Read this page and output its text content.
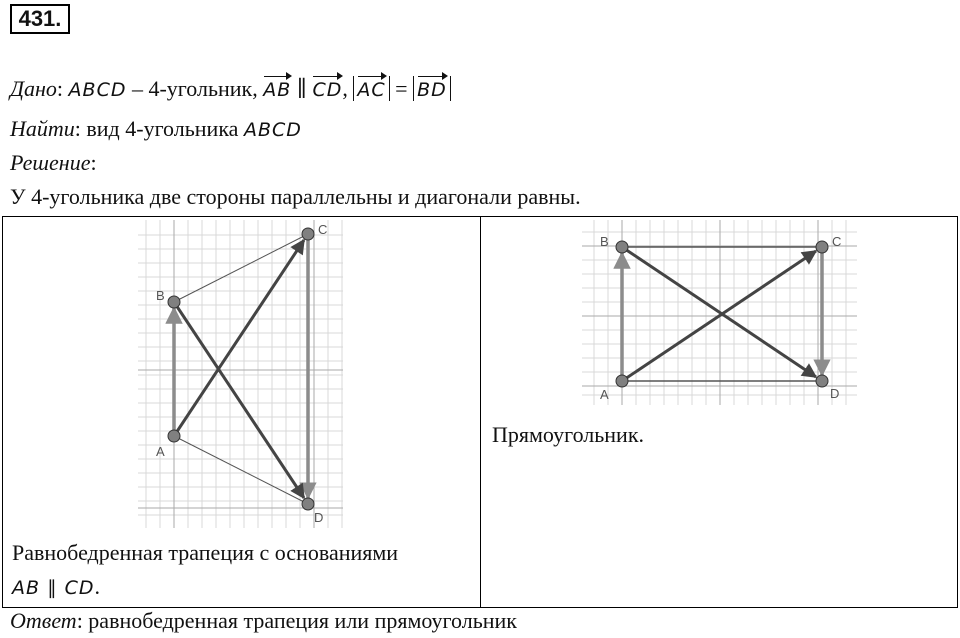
431.
Дано: ABCD – 4-угольник, AB ∥ CD, AC = BD
Найти: вид 4-угольника ABCD
Решение:
У 4-угольника две стороны параллельны и диагонали равны.
A
B
C
D
Равнобедренная трапеция с основаниями
AB ∥ CD.
A
B	C
D
Прямоугольник.
Ответ: равнобедренная трапеция или прямоугольник
